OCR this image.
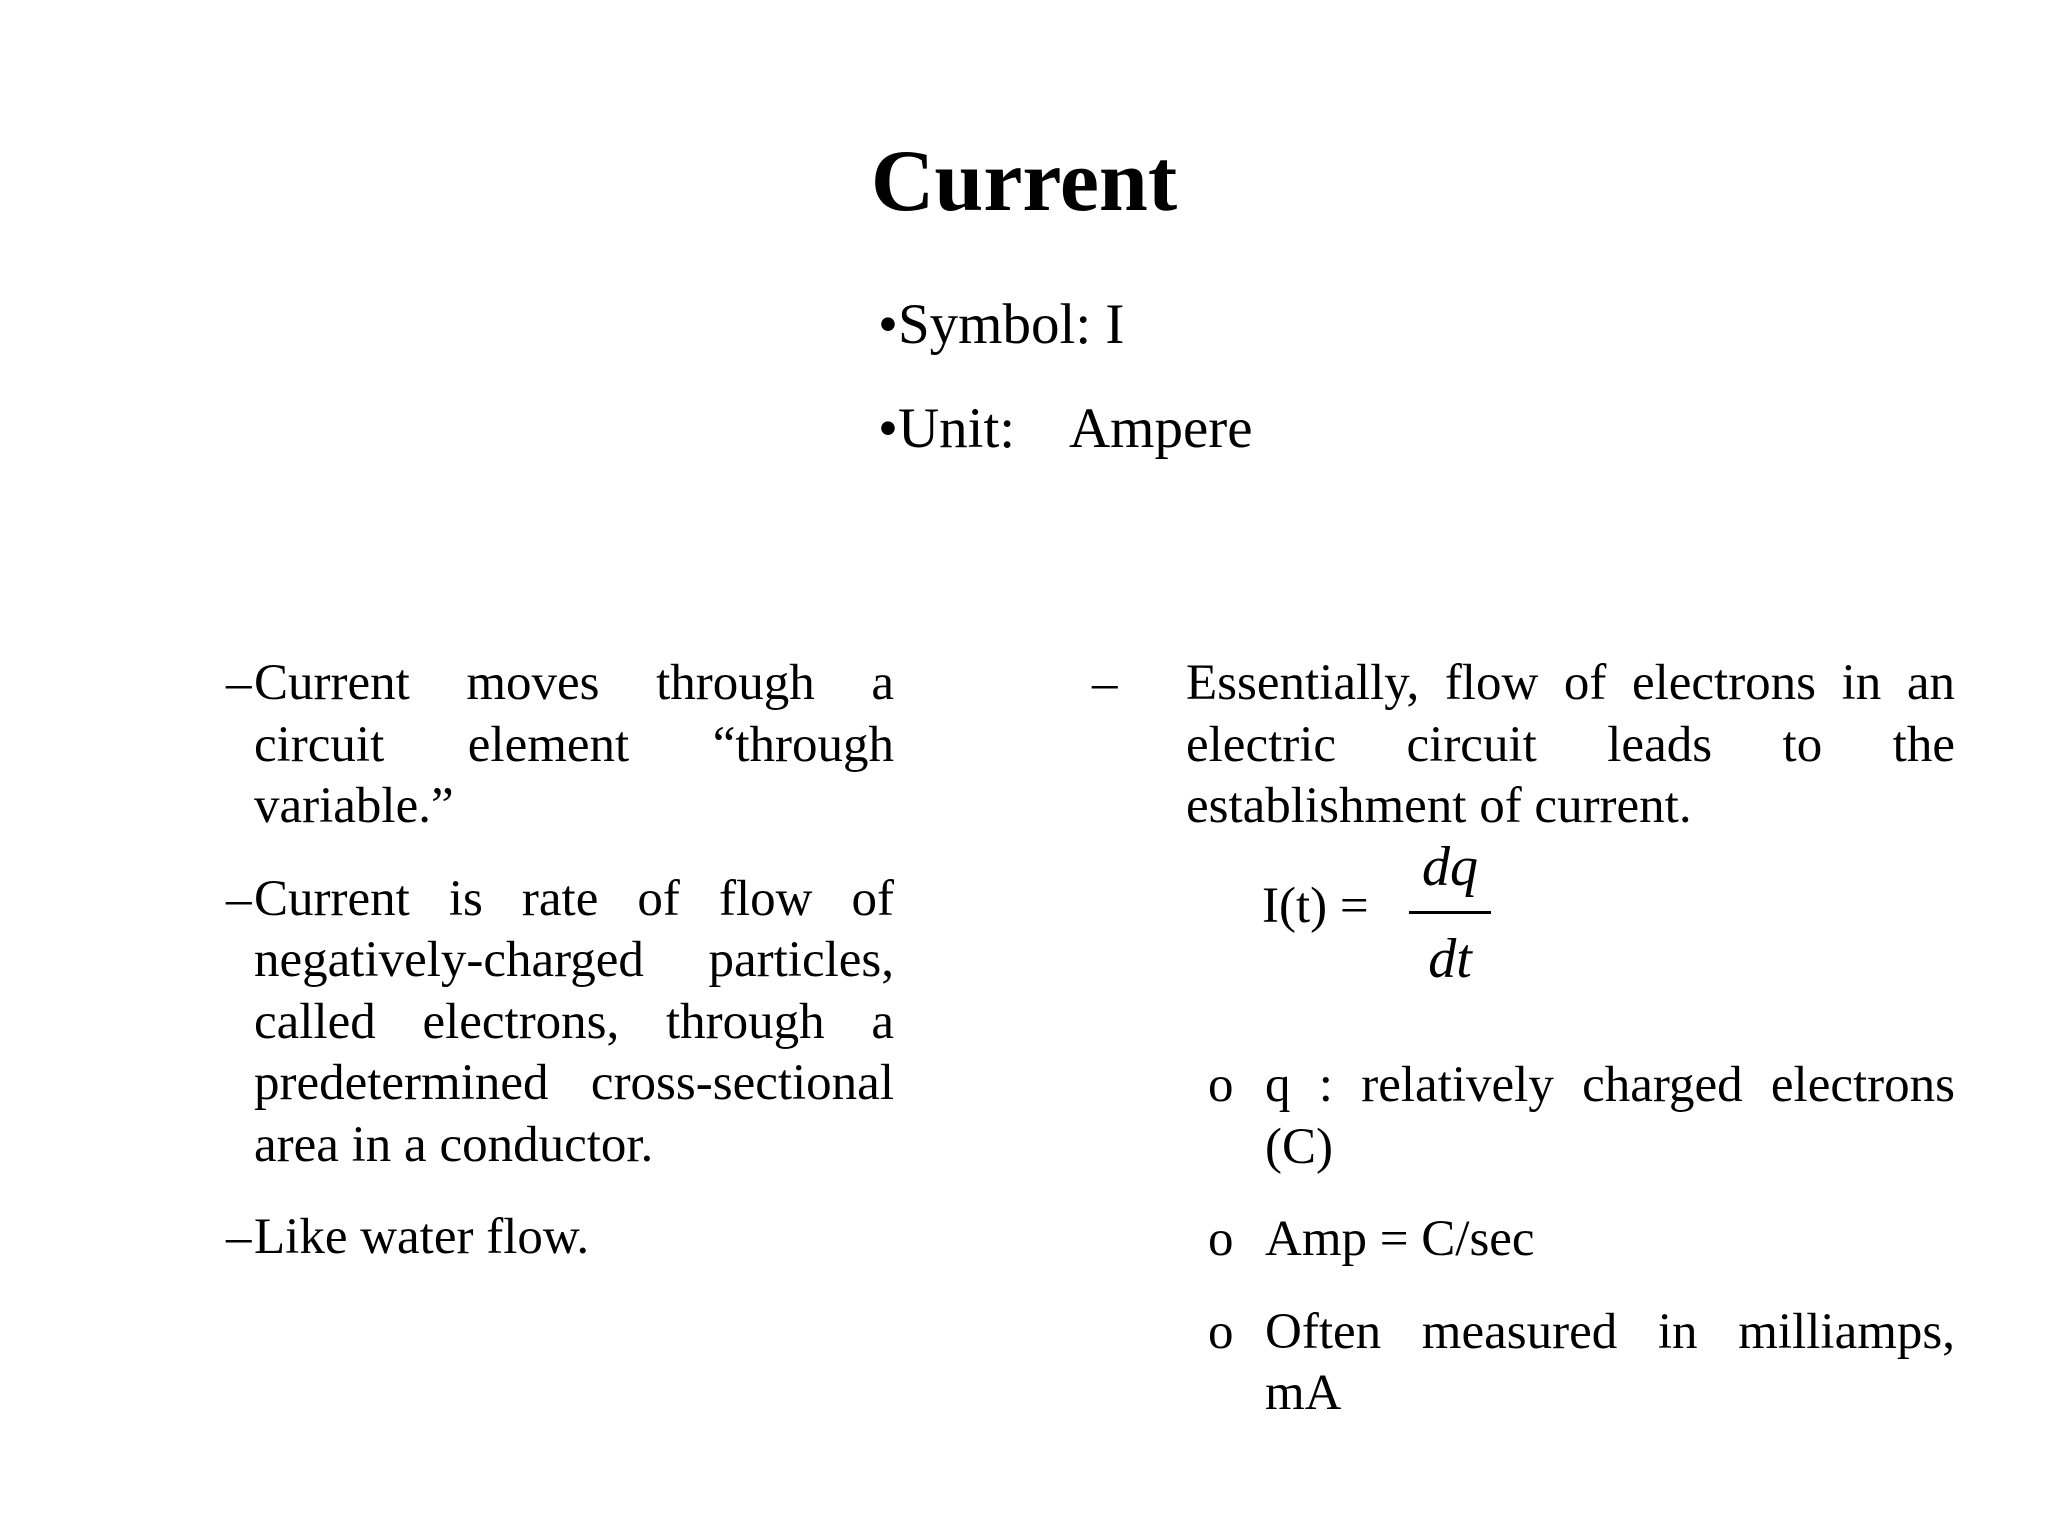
Current
•Symbol: I
•Unit:    Ampere
– Current moves through a circuit element “through variable.”
– Current is rate of flow of negatively-charged particles, called electrons, through a predetermined cross-sectional area in a conductor.
– Like water flow.
– Essentially, flow of electrons in an electric circuit leads to the establishment of current.
I(t) =
dq
dt
o q : relatively charged electrons (C)
o Amp = C/sec
o Often measured in milliamps, mA
